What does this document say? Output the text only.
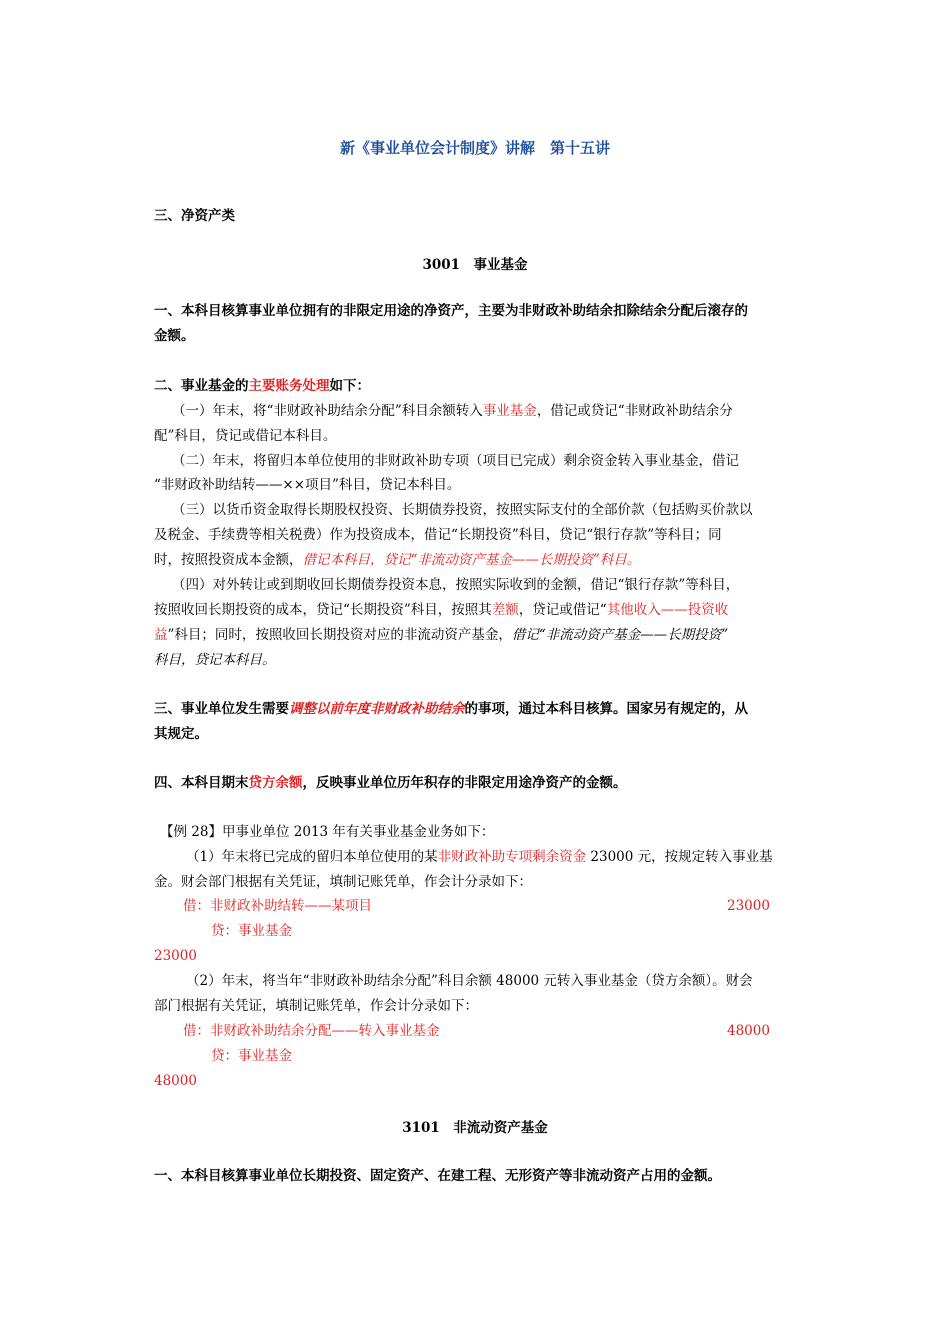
新《事业单位会计制度》讲解　第十五讲
三、净资产类
3001　事业基金
一、本科目核算事业单位拥有的非限定用途的净资产，主要为非财政补助结余扣除结余分配后滚存的
金额。
二、事业基金的主要账务处理如下：
（一）年末，将“非财政补助结余分配”科目余额转入事业基金，借记或贷记“非财政补助结余分
配”科目，贷记或借记本科目。
（二）年末，将留归本单位使用的非财政补助专项（项目已完成）剩余资金转入事业基金，借记
“非财政补助结转——××项目”科目，贷记本科目。
（三）以货币资金取得长期股权投资、长期债券投资，按照实际支付的全部价款（包括购买价款以
及税金、手续费等相关税费）作为投资成本，借记“长期投资”科目，贷记“银行存款”等科目；同
时，按照投资成本金额，借记本科目，贷记“非流动资产基金——长期投资”科目。
（四）对外转让或到期收回长期债券投资本息，按照实际收到的金额，借记“银行存款”等科目，
按照收回长期投资的成本，贷记“长期投资”科目，按照其差额，贷记或借记“其他收入——投资收
益”科目；同时，按照收回长期投资对应的非流动资产基金，借记“非流动资产基金——长期投资”
科目，贷记本科目。
三、事业单位发生需要调整以前年度非财政补助结余的事项，通过本科目核算。国家另有规定的，从
其规定。
四、本科目期末贷方余额，反映事业单位历年积存的非限定用途净资产的金额。
【例 28】甲事业单位 2013 年有关事业基金业务如下：
（1）年末将已完成的留归本单位使用的某非财政补助专项剩余资金 23000 元，按规定转入事业基
金。财会部门根据有关凭证，填制记账凭单，作会计分录如下：
借：非财政补助结转——某项目	23000
贷：事业基金
23000
（2）年末，将当年“非财政补助结余分配”科目余额 48000 元转入事业基金（贷方余额）。财会
部门根据有关凭证，填制记账凭单，作会计分录如下：
借：非财政补助结余分配——转入事业基金	48000
贷：事业基金
48000
3101　非流动资产基金
一、本科目核算事业单位长期投资、固定资产、在建工程、无形资产等非流动资产占用的金额。
